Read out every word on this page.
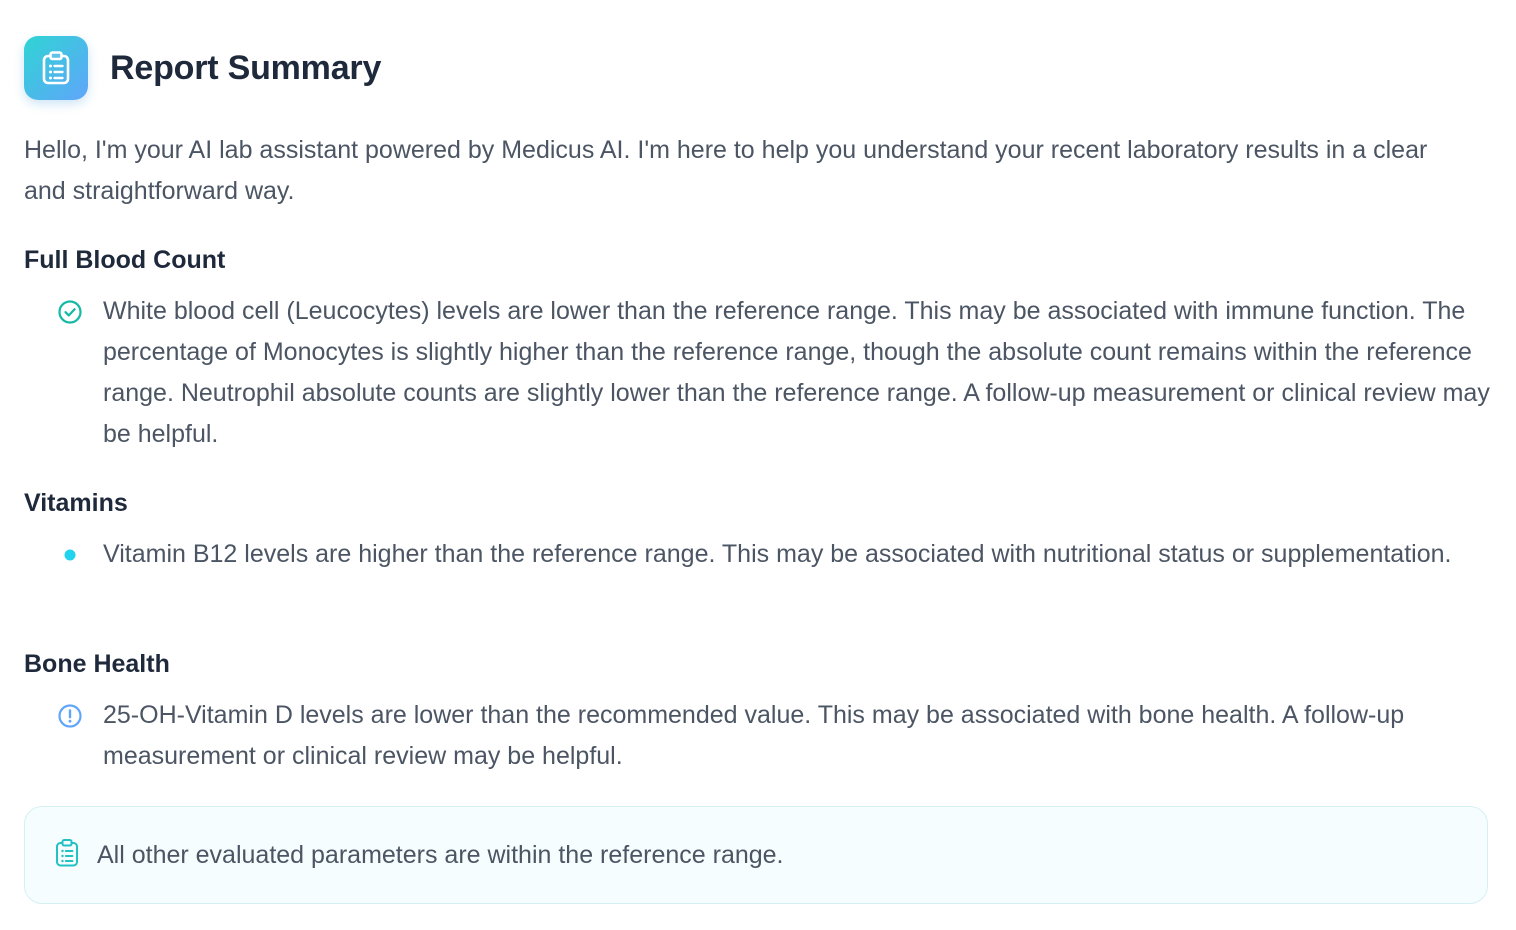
Report Summary

Hello, I'm your AI lab assistant powered by Medicus AI. I'm here to help you understand your recent laboratory results in a clear and straightforward way.

Full Blood Count
White blood cell (Leucocytes) levels are lower than the reference range. This may be associated with immune function. The percentage of Monocytes is slightly higher than the reference range, though the absolute count remains within the reference range. Neutrophil absolute counts are slightly lower than the reference range. A follow-up measurement or clinical review may be helpful.
Vitamins
Vitamin B12 levels are higher than the reference range. This may be associated with nutritional status or supplementation.
Bone Health
25-OH-Vitamin D levels are lower than the recommended value. This may be associated with bone health. A follow-up measurement or clinical review may be helpful.
All other evaluated parameters are within the reference range.
